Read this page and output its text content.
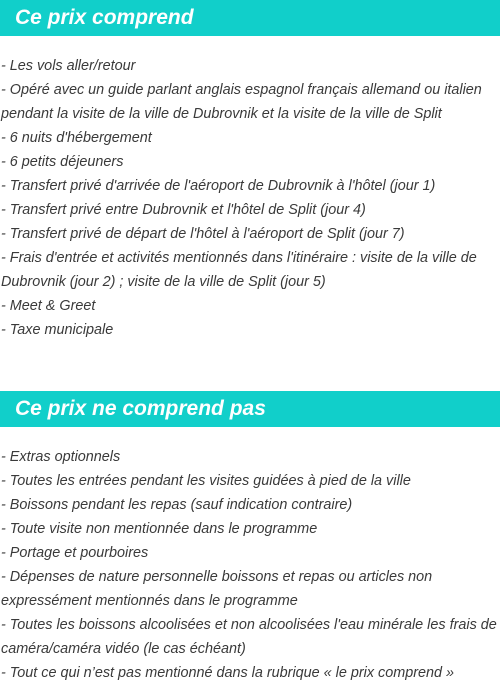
Ce prix comprend
- Les vols aller/retour
- Opéré avec un guide parlant anglais espagnol français allemand ou italien pendant la visite de la ville de Dubrovnik et la visite de la ville de Split
- 6 nuits d'hébergement
- 6 petits déjeuners
- Transfert privé d'arrivée de l'aéroport de Dubrovnik à l'hôtel (jour 1)
- Transfert privé entre Dubrovnik et l'hôtel de Split (jour 4)
- Transfert privé de départ de l'hôtel à l'aéroport de Split (jour 7)
- Frais d'entrée et activités mentionnés dans l'itinéraire : visite de la ville de Dubrovnik (jour 2) ; visite de la ville de Split (jour 5)
- Meet & Greet
- Taxe municipale
Ce prix ne comprend pas
- Extras optionnels
- Toutes les entrées pendant les visites guidées à pied de la ville
- Boissons pendant les repas (sauf indication contraire)
- Toute visite non mentionnée dans le programme
- Portage et pourboires
- Dépenses de nature personnelle boissons et repas ou articles non expressément mentionnés dans le programme
- Toutes les boissons alcoolisées et non alcoolisées l'eau minérale les frais de caméra/caméra vidéo (le cas échéant)
- Tout ce qui n’est pas mentionné dans la rubrique « le prix comprend »
